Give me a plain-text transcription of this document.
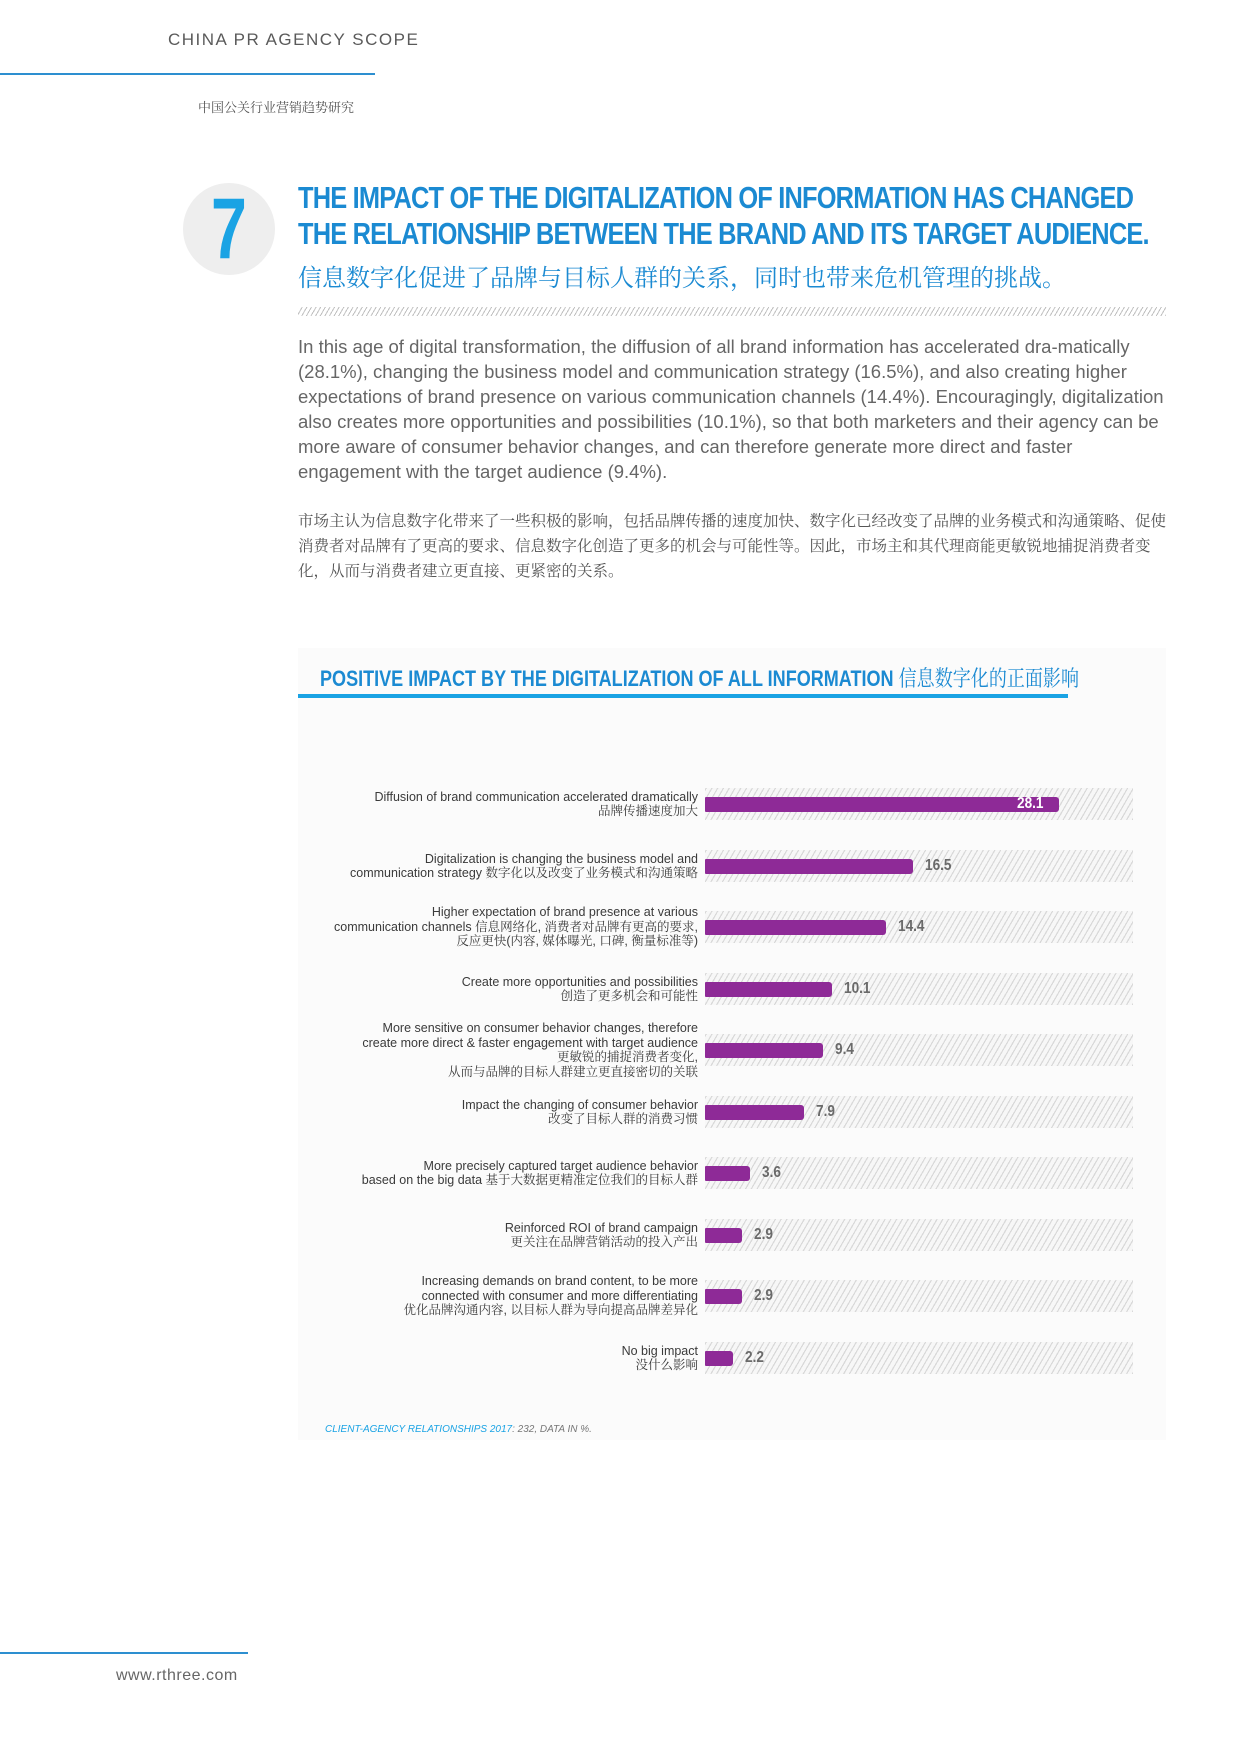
CHINA PR AGENCY SCOPE
中国公关行业营销趋势研究
7 THE IMPACT OF THE DIGITALIZATION OF INFORMATION HAS CHANGED THE RELATIONSHIP BETWEEN THE BRAND AND ITS TARGET AUDIENCE.
信息数字化促进了品牌与目标人群的关系，同时也带来危机管理的挑战。
In this age of digital transformation, the diffusion of all brand information has accelerated dra-matically (28.1%), changing the business model and communication strategy (16.5%), and also creating higher expectations of brand presence on various communication channels (14.4%). Encouragingly, digitalization also creates more opportunities and possibilities (10.1%), so that both marketers and their agency can be more aware of consumer behavior changes, and can therefore generate more direct and faster engagement with the target audience (9.4%).
市场主认为信息数字化带来了一些积极的影响，包括品牌传播的速度加快、数字化已经改变了品牌的业务模式和沟通策略、促使消费者对品牌有了更高的要求、信息数字化创造了更多的机会与可能性等。因此，市场主和其代理商能更敏锐地捕捉消费者变化，从而与消费者建立更直接、更紧密的关系。
POSITIVE IMPACT BY THE DIGITALIZATION OF ALL INFORMATION 信息数字化的正面影响
Diffusion of brand communication accelerated dramatically
品牌传播速度加大	28.1
Digitalization is changing the business model and
communication strategy 数字化以及改变了业务模式和沟通策略	16.5
Higher expectation of brand presence at various
communication channels 信息网络化, 消费者对品牌有更高的要求,
反应更快(内容, 媒体曝光, 口碑, 衡量标准等)
14.4
Create more opportunities and possibilities
创造了更多机会和可能性	10.1
More sensitive on consumer behavior changes, therefore
create more direct & faster engagement with target audience
更敏锐的捕捉消费者变化,
从而与品牌的目标人群建立更直接密切的关联
9.4
Impact the changing of consumer behavior
改变了目标人群的消费习惯	7.9
More precisely captured target audience behavior
based on the big data 基于大数据更精准定位我们的目标人群	3.6
Reinforced ROI of brand campaign
更关注在品牌营销活动的投入产出	2.9
Increasing demands on brand content, to be more
connected with consumer and more differentiating
优化品牌沟通内容, 以目标人群为导向提高品牌差异化
2.9
No big impact
没什么影响	2.2
CLIENT-AGENCY RELATIONSHIPS 2017: 232, DATA IN %.
www.rthree.com
